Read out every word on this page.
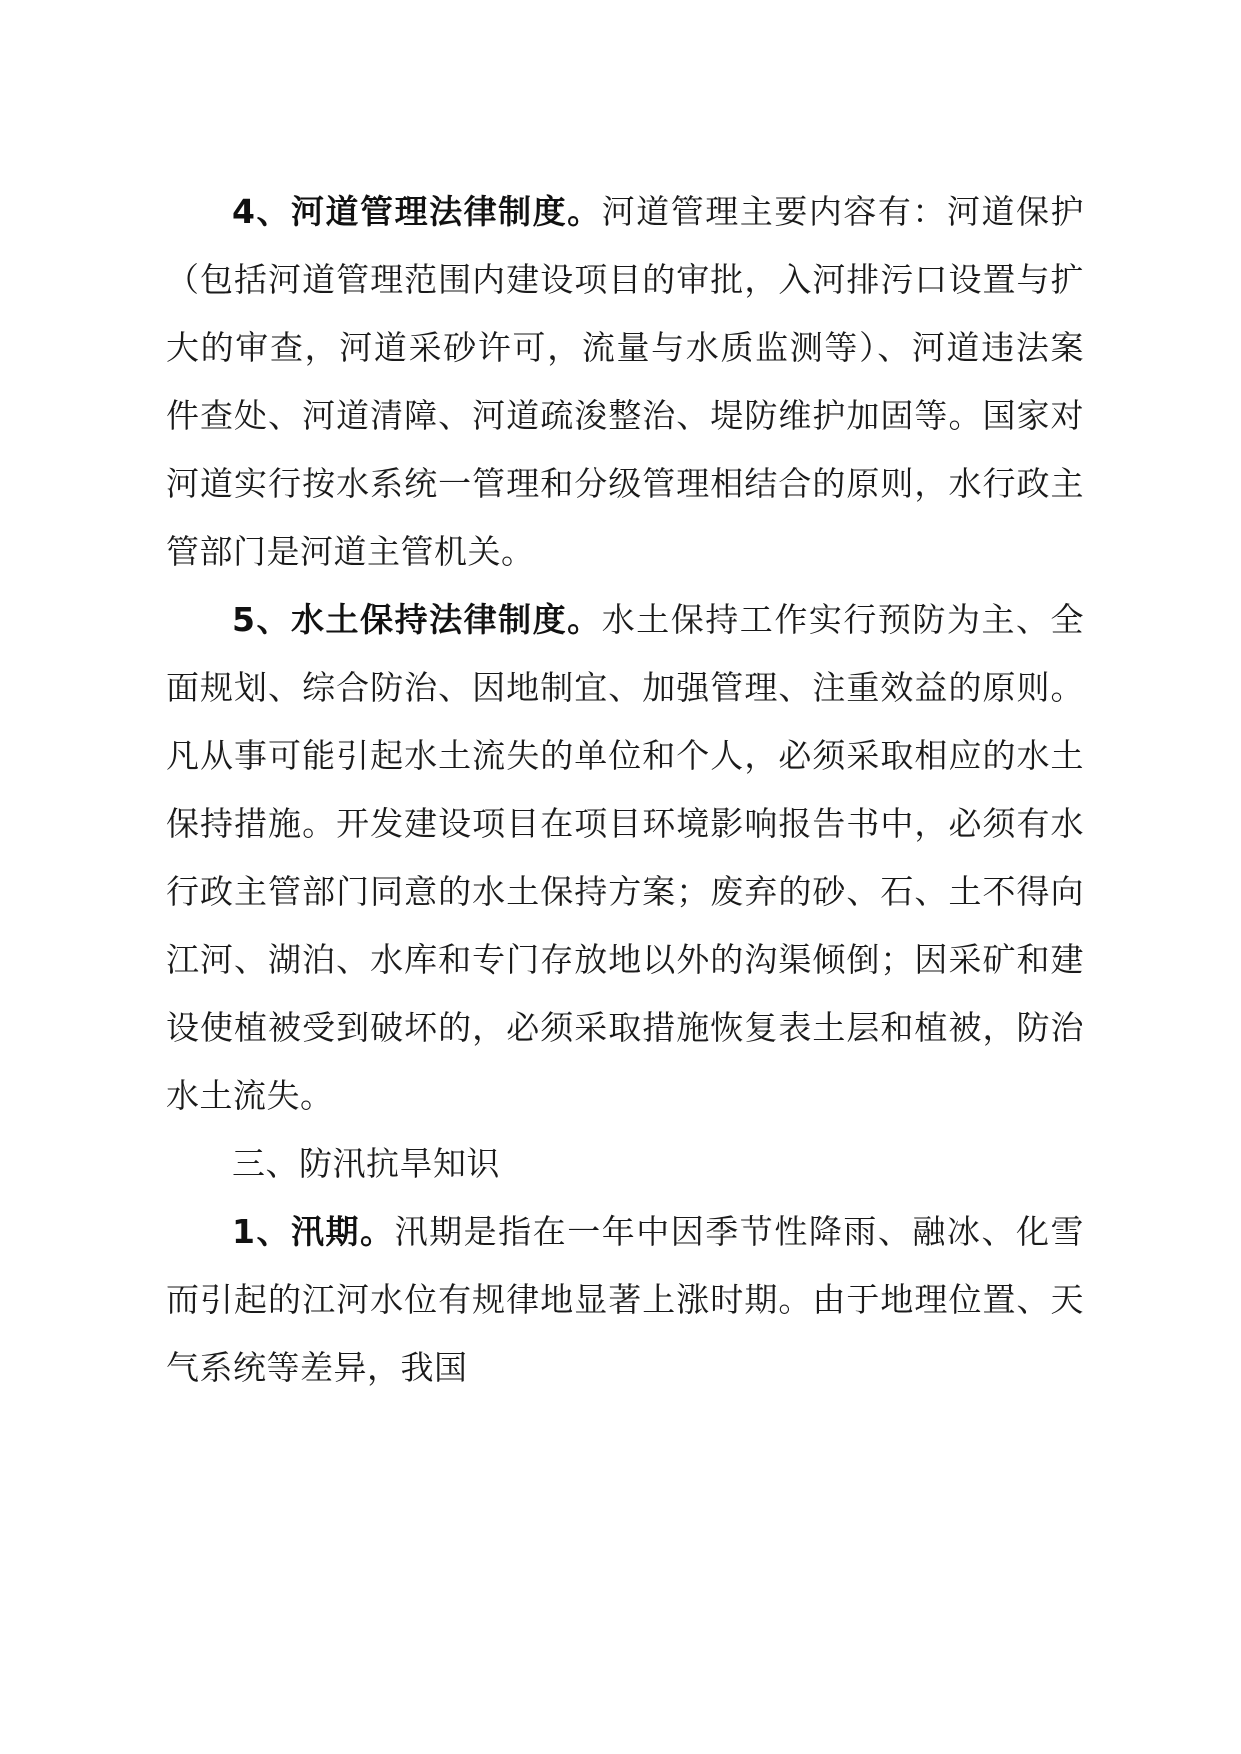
4、河道管理法律制度。河道管理主要内容有：河道保护（包括河道管理范围内建设项目的审批，入河排污口设置与扩大的审查，河道采砂许可，流量与水质监测等）、河道违法案件查处、河道清障、河道疏浚整治、堤防维护加固等。国家对河道实行按水系统一管理和分级管理相结合的原则，水行政主管部门是河道主管机关。

5、水土保持法律制度。水土保持工作实行预防为主、全面规划、综合防治、因地制宜、加强管理、注重效益的原则。凡从事可能引起水土流失的单位和个人，必须采取相应的水土保持措施。开发建设项目在项目环境影响报告书中，必须有水行政主管部门同意的水土保持方案；废弃的砂、石、土不得向江河、湖泊、水库和专门存放地以外的沟渠倾倒；因采矿和建设使植被受到破坏的，必须采取措施恢复表土层和植被，防治水土流失。

三、防汛抗旱知识

1、汛期。汛期是指在一年中因季节性降雨、融冰、化雪而引起的江河水位有规律地显著上涨时期。由于地理位置、天气系统等差异，我国
